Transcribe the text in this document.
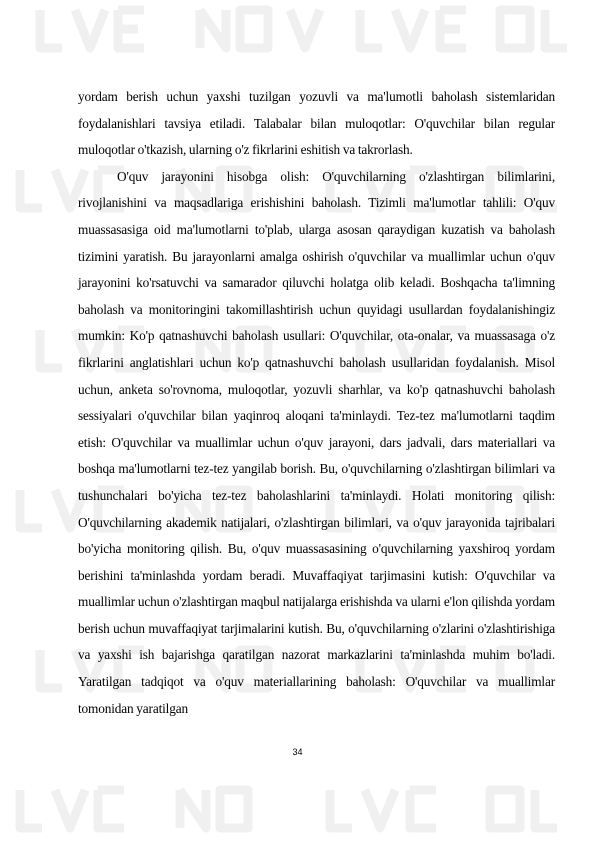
yordam berish uchun yaxshi tuzilgan yozuvli va ma'lumotli baholash sistemlaridan foydalanishlari tavsiya etiladi. Talabalar bilan muloqotlar: O'quvchilar bilan regular muloqotlar o'tkazish, ularning o'z fikrlarini eshitish va takrorlash.

O'quv jarayonini hisobga olish: O'quvchilarning o'zlashtirgan bilimlarini, rivojlanishini va maqsadlariga erishishini baholash. Tizimli ma'lumotlar tahlili: O'quv muassasasiga oid ma'lumotlarni to'plab, ularga asosan qaraydigan kuzatish va baholash tizimini yaratish. Bu jarayonlarni amalga oshirish o'quvchilar va muallimlar uchun o'quv jarayonini ko'rsatuvchi va samarador qiluvchi holatga olib keladi. Boshqacha ta'limning baholash va monitoringini takomillashtirish uchun quyidagi usullardan foydalanishingiz mumkin: Ko'p qatnashuvchi baholash usullari: O'quvchilar, ota-onalar, va muassasaga o'z fikrlarini anglatishlari uchun ko'p qatnashuvchi baholash usullaridan foydalanish. Misol uchun, anketa so'rovnoma, muloqotlar, yozuvli sharhlar, va ko'p qatnashuvchi baholash sessiyalari o'quvchilar bilan yaqinroq aloqani ta'minlaydi. Tez-tez ma'lumotlarni taqdim etish: O'quvchilar va muallimlar uchun o'quv jarayoni, dars jadvali, dars materiallari va boshqa ma'lumotlarni tez-tez yangilab borish. Bu, o'quvchilarning o'zlashtirgan bilimlari va tushunchalari bo'yicha tez-tez baholashlarini ta'minlaydi. Holati monitoring qilish: O'quvchilarning akademik natijalari, o'zlashtirgan bilimlari, va o'quv jarayonida tajribalari bo'yicha monitoring qilish. Bu, o'quv muassasasining o'quvchilarning yaxshiroq yordam berishini ta'minlashda yordam beradi. Muvaffaqiyat tarjimasini kutish: O'quvchilar va muallimlar uchun o'zlashtirgan maqbul natijalarga erishishda va ularni e'lon qilishda yordam berish uchun muvaffaqiyat tarjimalarini kutish. Bu, o'quvchilarning o'zlarini o'zlashtirishiga va yaxshi ish bajarishga qaratilgan nazorat markazlarini ta'minlashda muhim bo'ladi. Yaratilgan tadqiqot va o'quv materiallarining baholash: O'quvchilar va muallimlar tomonidan yaratilgan

34
